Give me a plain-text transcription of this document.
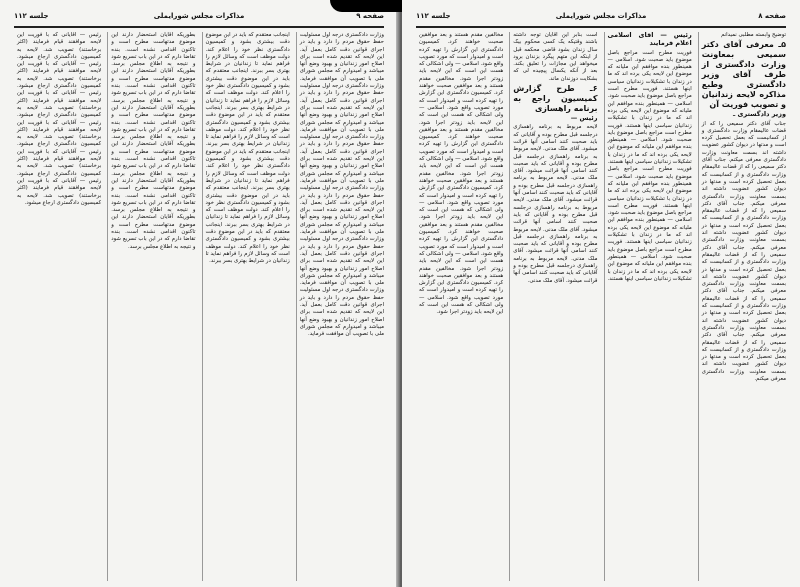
صفحه ۹
مذاکرات مجلس شورایملی
جلسه ۱۱۲

وزارت دادگستری درجه اول مسئولیت حفظ حقوق مردم را دارد و باید در اجرای قوانین دقت کامل بعمل آید. این لایحه که تقدیم شده است برای اصلاح امور زندانیان و بهبود وضع آنها میباشد و امیدوارم که مجلس شورای ملی با تصویب آن موافقت فرماید. وزارت دادگستری درجه اول مسئولیت حفظ حقوق مردم را دارد و باید در اجرای قوانین دقت کامل بعمل آید. این لایحه که تقدیم شده است برای اصلاح امور زندانیان و بهبود وضع آنها میباشد و امیدوارم که مجلس شورای ملی با تصویب آن موافقت فرماید. وزارت دادگستری درجه اول مسئولیت حفظ حقوق مردم را دارد و باید در اجرای قوانین دقت کامل بعمل آید. این لایحه که تقدیم شده است برای اصلاح امور زندانیان و بهبود وضع آنها میباشد و امیدوارم که مجلس شورای ملی با تصویب آن موافقت فرماید. وزارت دادگستری درجه اول مسئولیت حفظ حقوق مردم را دارد و باید در اجرای قوانین دقت کامل بعمل آید. این لایحه که تقدیم شده است برای اصلاح امور زندانیان و بهبود وضع آنها میباشد و امیدوارم که مجلس شورای ملی با تصویب آن موافقت فرماید. وزارت دادگستری درجه اول مسئولیت حفظ حقوق مردم را دارد و باید در اجرای قوانین دقت کامل بعمل آید. این لایحه که تقدیم شده است برای اصلاح امور زندانیان و بهبود وضع آنها میباشد و امیدوارم که مجلس شورای ملی با تصویب آن موافقت فرماید. وزارت دادگستری درجه اول مسئولیت حفظ حقوق مردم را دارد و باید در اجرای قوانین دقت کامل بعمل آید. این لایحه که تقدیم شده است برای اصلاح امور زندانیان و بهبود وضع آنها میباشد و امیدوارم که مجلس شورای ملی با تصویب آن موافقت فرماید.

اینجانب معتقدم که باید در این موضوع دقت بیشتری بشود و کمیسیون دادگستری نظر خود را اعلام کند. دولت موظف است که وسائل لازم را فراهم نماید تا زندانیان در شرایط بهتری بسر ببرند. اینجانب معتقدم که باید در این موضوع دقت بیشتری بشود و کمیسیون دادگستری نظر خود را اعلام کند. دولت موظف است که وسائل لازم را فراهم نماید تا زندانیان در شرایط بهتری بسر ببرند. اینجانب معتقدم که باید در این موضوع دقت بیشتری بشود و کمیسیون دادگستری نظر خود را اعلام کند. دولت موظف است که وسائل لازم را فراهم نماید تا زندانیان در شرایط بهتری بسر ببرند. اینجانب معتقدم که باید در این موضوع دقت بیشتری بشود و کمیسیون دادگستری نظر خود را اعلام کند. دولت موظف است که وسائل لازم را فراهم نماید تا زندانیان در شرایط بهتری بسر ببرند. اینجانب معتقدم که باید در این موضوع دقت بیشتری بشود و کمیسیون دادگستری نظر خود را اعلام کند. دولت موظف است که وسائل لازم را فراهم نماید تا زندانیان در شرایط بهتری بسر ببرند. اینجانب معتقدم که باید در این موضوع دقت بیشتری بشود و کمیسیون دادگستری نظر خود را اعلام کند. دولت موظف است که وسائل لازم را فراهم نماید تا زندانیان در شرایط بهتری بسر ببرند.

بطوریکه آقایان استحضار دارند این موضوع مدتهاست مطرح است و تاکنون اقدامی نشده است. بنده تقاضا دارم که در این باب تسریع شود و نتیجه به اطلاع مجلس برسد. بطوریکه آقایان استحضار دارند این موضوع مدتهاست مطرح است و تاکنون اقدامی نشده است. بنده تقاضا دارم که در این باب تسریع شود و نتیجه به اطلاع مجلس برسد. بطوریکه آقایان استحضار دارند این موضوع مدتهاست مطرح است و تاکنون اقدامی نشده است. بنده تقاضا دارم که در این باب تسریع شود و نتیجه به اطلاع مجلس برسد. بطوریکه آقایان استحضار دارند این موضوع مدتهاست مطرح است و تاکنون اقدامی نشده است. بنده تقاضا دارم که در این باب تسریع شود و نتیجه به اطلاع مجلس برسد. بطوریکه آقایان استحضار دارند این موضوع مدتهاست مطرح است و تاکنون اقدامی نشده است. بنده تقاضا دارم که در این باب تسریع شود و نتیجه به اطلاع مجلس برسد. بطوریکه آقایان استحضار دارند این موضوع مدتهاست مطرح است و تاکنون اقدامی نشده است. بنده تقاضا دارم که در این باب تسریع شود و نتیجه به اطلاع مجلس برسد.

رئیس — آقایانی که با فوریت این لایحه موافقند قیام فرمایند (اکثر برخاستند) تصویب شد. لایحه به کمیسیون دادگستری ارجاع میشود. رئیس — آقایانی که با فوریت این لایحه موافقند قیام فرمایند (اکثر برخاستند) تصویب شد. لایحه به کمیسیون دادگستری ارجاع میشود. رئیس — آقایانی که با فوریت این لایحه موافقند قیام فرمایند (اکثر برخاستند) تصویب شد. لایحه به کمیسیون دادگستری ارجاع میشود. رئیس — آقایانی که با فوریت این لایحه موافقند قیام فرمایند (اکثر برخاستند) تصویب شد. لایحه به کمیسیون دادگستری ارجاع میشود. رئیس — آقایانی که با فوریت این لایحه موافقند قیام فرمایند (اکثر برخاستند) تصویب شد. لایحه به کمیسیون دادگستری ارجاع میشود. رئیس — آقایانی که با فوریت این لایحه موافقند قیام فرمایند (اکثر برخاستند) تصویب شد. لایحه به کمیسیون دادگستری ارجاع میشود.

صفحه ۸
مذاکرات مجلس شورایملی
جلسه ۱۱۲

توضیح وابسته مطلبی نمیدانم

۵ـ معرفی آقای دکتر سمیعی بمعاونت وزارت دادگستری از طرف آقای وزیر دادگستری وطبع مذاکره لایحه زندانیان و تصویب فوریت آن

وزیر دادگستری ـ

جناب آقای دکتر سمیعی را که از قضات عالیمقام وزارت دادگستری و از کسانیست که بعمل تحصیل کرده است و مدتها در دیوان کشور عضویت داشته اند بسمت معاونت وزارت دادگستری معرفی میکنم. جناب آقای دکتر سمیعی را که از قضات عالیمقام وزارت دادگستری و از کسانیست که بعمل تحصیل کرده است و مدتها در دیوان کشور عضویت داشته اند بسمت معاونت وزارت دادگستری معرفی میکنم. جناب آقای دکتر سمیعی را که از قضات عالیمقام وزارت دادگستری و از کسانیست که بعمل تحصیل کرده است و مدتها در دیوان کشور عضویت داشته اند بسمت معاونت وزارت دادگستری معرفی میکنم. جناب آقای دکتر سمیعی را که از قضات عالیمقام وزارت دادگستری و از کسانیست که بعمل تحصیل کرده است و مدتها در دیوان کشور عضویت داشته اند بسمت معاونت وزارت دادگستری معرفی میکنم. جناب آقای دکتر سمیعی را که از قضات عالیمقام وزارت دادگستری و از کسانیست که بعمل تحصیل کرده است و مدتها در دیوان کشور عضویت داشته اند بسمت معاونت وزارت دادگستری معرفی میکنم. جناب آقای دکتر سمیعی را که از قضات عالیمقام وزارت دادگستری و از کسانیست که بعمل تحصیل کرده است و مدتها در دیوان کشور عضویت داشته اند بسمت معاونت وزارت دادگستری معرفی میکنم.

رئیس — آقای اسلامی اعلام فرمایند

فوریت مطرح است مراجع باصل موضوع باید صحبت شود. اسلامی — همینطور بنده موافقم این ملیانه که موضوع این لایحه یکی برده اند که ما در زندان با تشکیلات زندانیان سیاسی اینها هستند. فوریت مطرح است مراجع باصل موضوع باید صحبت شود. اسلامی — همینطور بنده موافقم این ملیانه که موضوع این لایحه یکی برده اند که ما در زندان با تشکیلات زندانیان سیاسی اینها هستند. فوریت مطرح است مراجع باصل موضوع باید صحبت شود. اسلامی — همینطور بنده موافقم این ملیانه که موضوع این لایحه یکی برده اند که ما در زندان با تشکیلات زندانیان سیاسی اینها هستند. فوریت مطرح است مراجع باصل موضوع باید صحبت شود. اسلامی — همینطور بنده موافقم این ملیانه که موضوع این لایحه یکی برده اند که ما در زندان با تشکیلات زندانیان سیاسی اینها هستند. فوریت مطرح است مراجع باصل موضوع باید صحبت شود. اسلامی — همینطور بنده موافقم این ملیانه که موضوع این لایحه یکی برده اند که ما در زندان با تشکیلات زندانیان سیاسی اینها هستند. فوریت مطرح است مراجع باصل موضوع باید صحبت شود. اسلامی — همینطور بنده موافقم این ملیانه که موضوع این لایحه یکی برده اند که ما در زندان با تشکیلات زندانیان سیاسی اینها هستند.

است بنابر این آقایان توجه داشته باشند وقتیکه یک کسی محکوم بیک سال زندان بشود قاضی محکمه قبل از اینکه این متهم پیگرد بزندان برود میخواهد این مجازات را تعلیق بکند. بعد از آنکه یکسال پیچیده لی که بشکایت دوزندان ماند.

۶ـ طرح گزارش کمیسیون راجع به برنامه راهسازی

رئیس —

لایحه مربوط به برنامه راهسازی درجلسه قبل مطرح بوده و آقایانی که باید صحبت کنند اسامی آنها قرائت میشود. آقای ملک مدنی. لایحه مربوط به برنامه راهسازی درجلسه قبل مطرح بوده و آقایانی که باید صحبت کنند اسامی آنها قرائت میشود. آقای ملک مدنی. لایحه مربوط به برنامه راهسازی درجلسه قبل مطرح بوده و آقایانی که باید صحبت کنند اسامی آنها قرائت میشود. آقای ملک مدنی. لایحه مربوط به برنامه راهسازی درجلسه قبل مطرح بوده و آقایانی که باید صحبت کنند اسامی آنها قرائت میشود. آقای ملک مدنی. لایحه مربوط به برنامه راهسازی درجلسه قبل مطرح بوده و آقایانی که باید صحبت کنند اسامی آنها قرائت میشود. آقای ملک مدنی. لایحه مربوط به برنامه راهسازی درجلسه قبل مطرح بوده و آقایانی که باید صحبت کنند اسامی آنها قرائت میشود. آقای ملک مدنی.

مخالفین مقدم هستند و بعد موافقین صحبت خواهند کرد. کمیسیون دادگستری این گزارش را تهیه کرده است و امیدوار است که مورد تصویب واقع شود. اسلامی — ولی اشکالی که هست این است که این لایحه باید زودتر اجرا شود. مخالفین مقدم هستند و بعد موافقین صحبت خواهند کرد. کمیسیون دادگستری این گزارش را تهیه کرده است و امیدوار است که مورد تصویب واقع شود. اسلامی — ولی اشکالی که هست این است که این لایحه باید زودتر اجرا شود. مخالفین مقدم هستند و بعد موافقین صحبت خواهند کرد. کمیسیون دادگستری این گزارش را تهیه کرده است و امیدوار است که مورد تصویب واقع شود. اسلامی — ولی اشکالی که هست این است که این لایحه باید زودتر اجرا شود. مخالفین مقدم هستند و بعد موافقین صحبت خواهند کرد. کمیسیون دادگستری این گزارش را تهیه کرده است و امیدوار است که مورد تصویب واقع شود. اسلامی — ولی اشکالی که هست این است که این لایحه باید زودتر اجرا شود. مخالفین مقدم هستند و بعد موافقین صحبت خواهند کرد. کمیسیون دادگستری این گزارش را تهیه کرده است و امیدوار است که مورد تصویب واقع شود. اسلامی — ولی اشکالی که هست این است که این لایحه باید زودتر اجرا شود. مخالفین مقدم هستند و بعد موافقین صحبت خواهند کرد. کمیسیون دادگستری این گزارش را تهیه کرده است و امیدوار است که مورد تصویب واقع شود. اسلامی — ولی اشکالی که هست این است که این لایحه باید زودتر اجرا شود.
